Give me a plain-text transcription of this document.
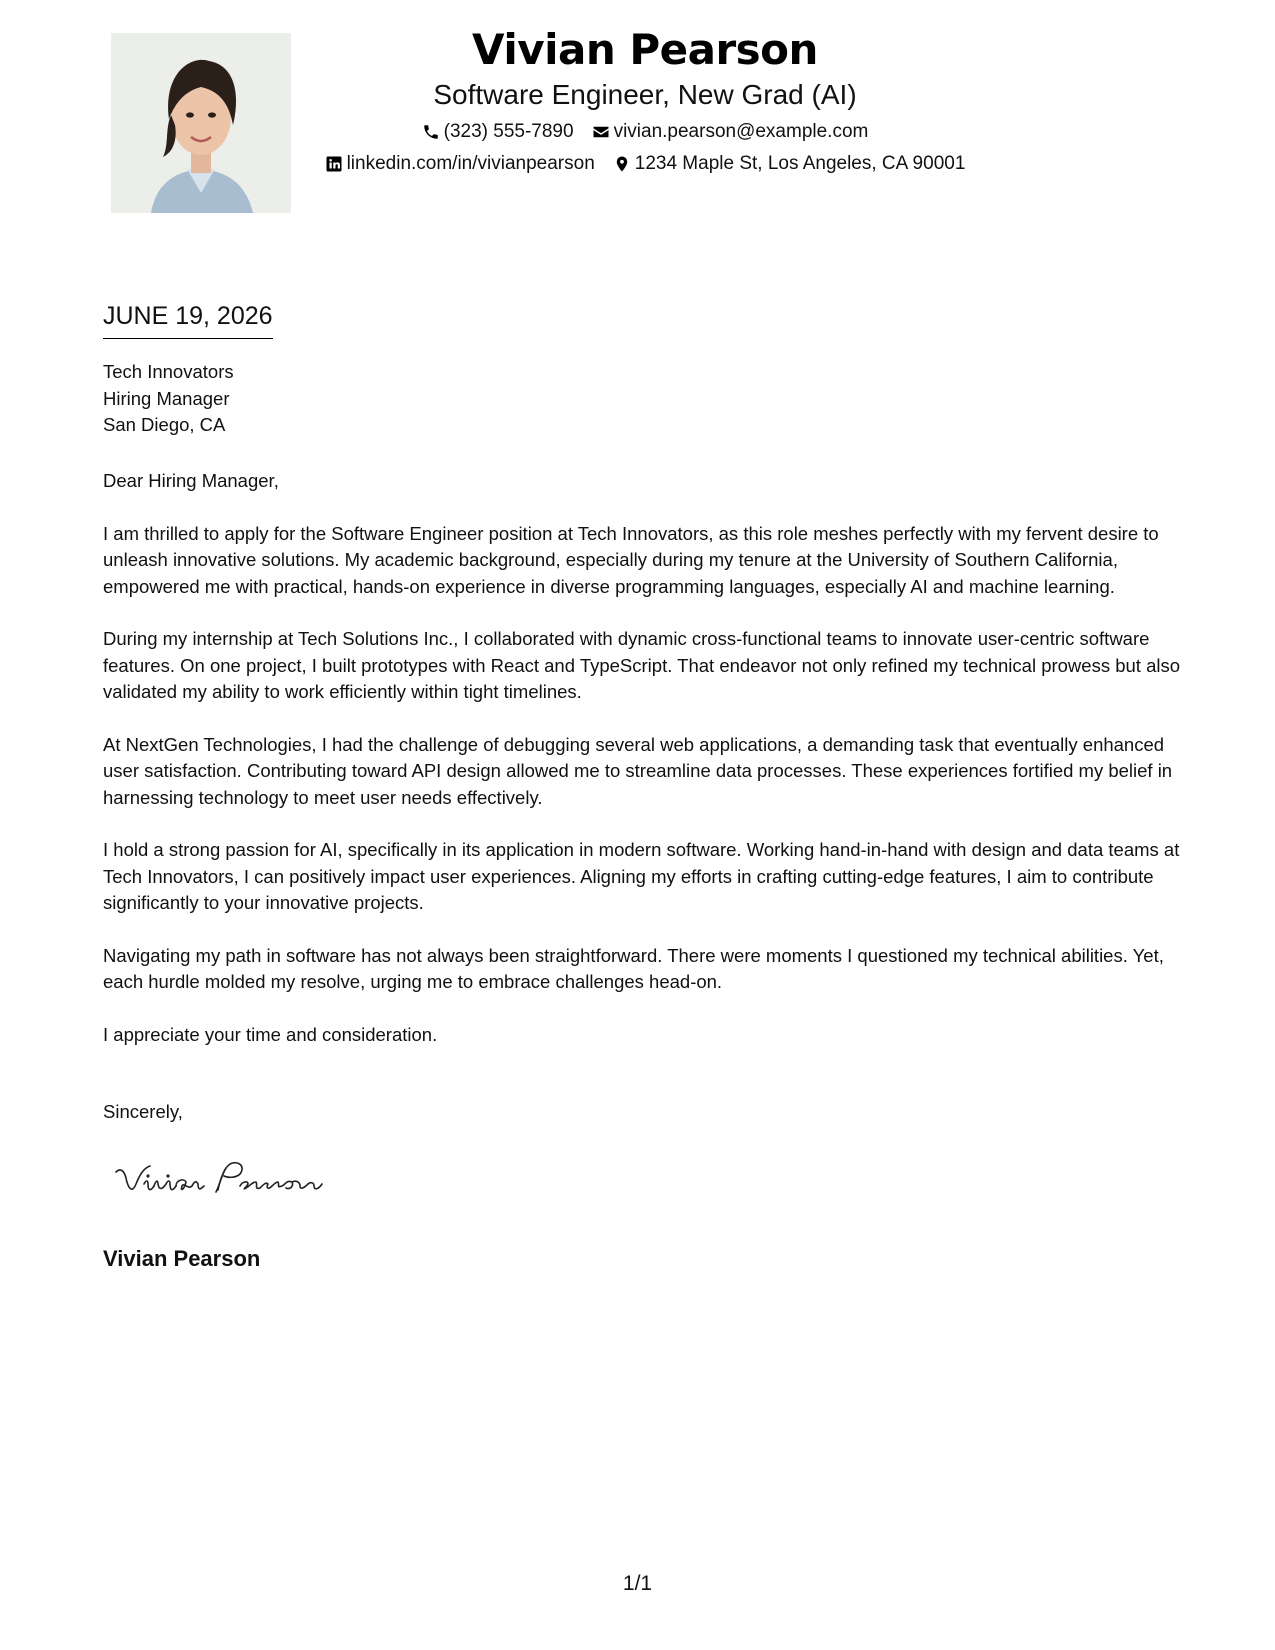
Vivian Pearson
Software Engineer, New Grad (AI)
(323) 555-7890 vivian.pearson@example.com
linkedin.com/in/vivianpearson 1234 Maple St, Los Angeles, CA 90001
JUNE 19, 2026
Tech Innovators
Hiring Manager
San Diego, CA

Dear Hiring Manager,

I am thrilled to apply for the Software Engineer position at Tech Innovators, as this role meshes perfectly with my fervent desire to unleash innovative solutions. My academic background, especially during my tenure at the University of Southern California, empowered me with practical, hands-on experience in diverse programming languages, especially AI and machine learning.

During my internship at Tech Solutions Inc., I collaborated with dynamic cross-functional teams to innovate user-centric software features. On one project, I built prototypes with React and TypeScript. That endeavor not only refined my technical prowess but also validated my ability to work efficiently within tight timelines.

At NextGen Technologies, I had the challenge of debugging several web applications, a demanding task that eventually enhanced user satisfaction. Contributing toward API design allowed me to streamline data processes. These experiences fortified my belief in harnessing technology to meet user needs effectively.

I hold a strong passion for AI, specifically in its application in modern software. Working hand-in-hand with design and data teams at Tech Innovators, I can positively impact user experiences. Aligning my efforts in crafting cutting-edge features, I aim to contribute significantly to your innovative projects.

Navigating my path in software has not always been straightforward. There were moments I questioned my technical abilities. Yet, each hurdle molded my resolve, urging me to embrace challenges head-on.

I appreciate your time and consideration.

Sincerely,
Vivian Pearson
1/1
